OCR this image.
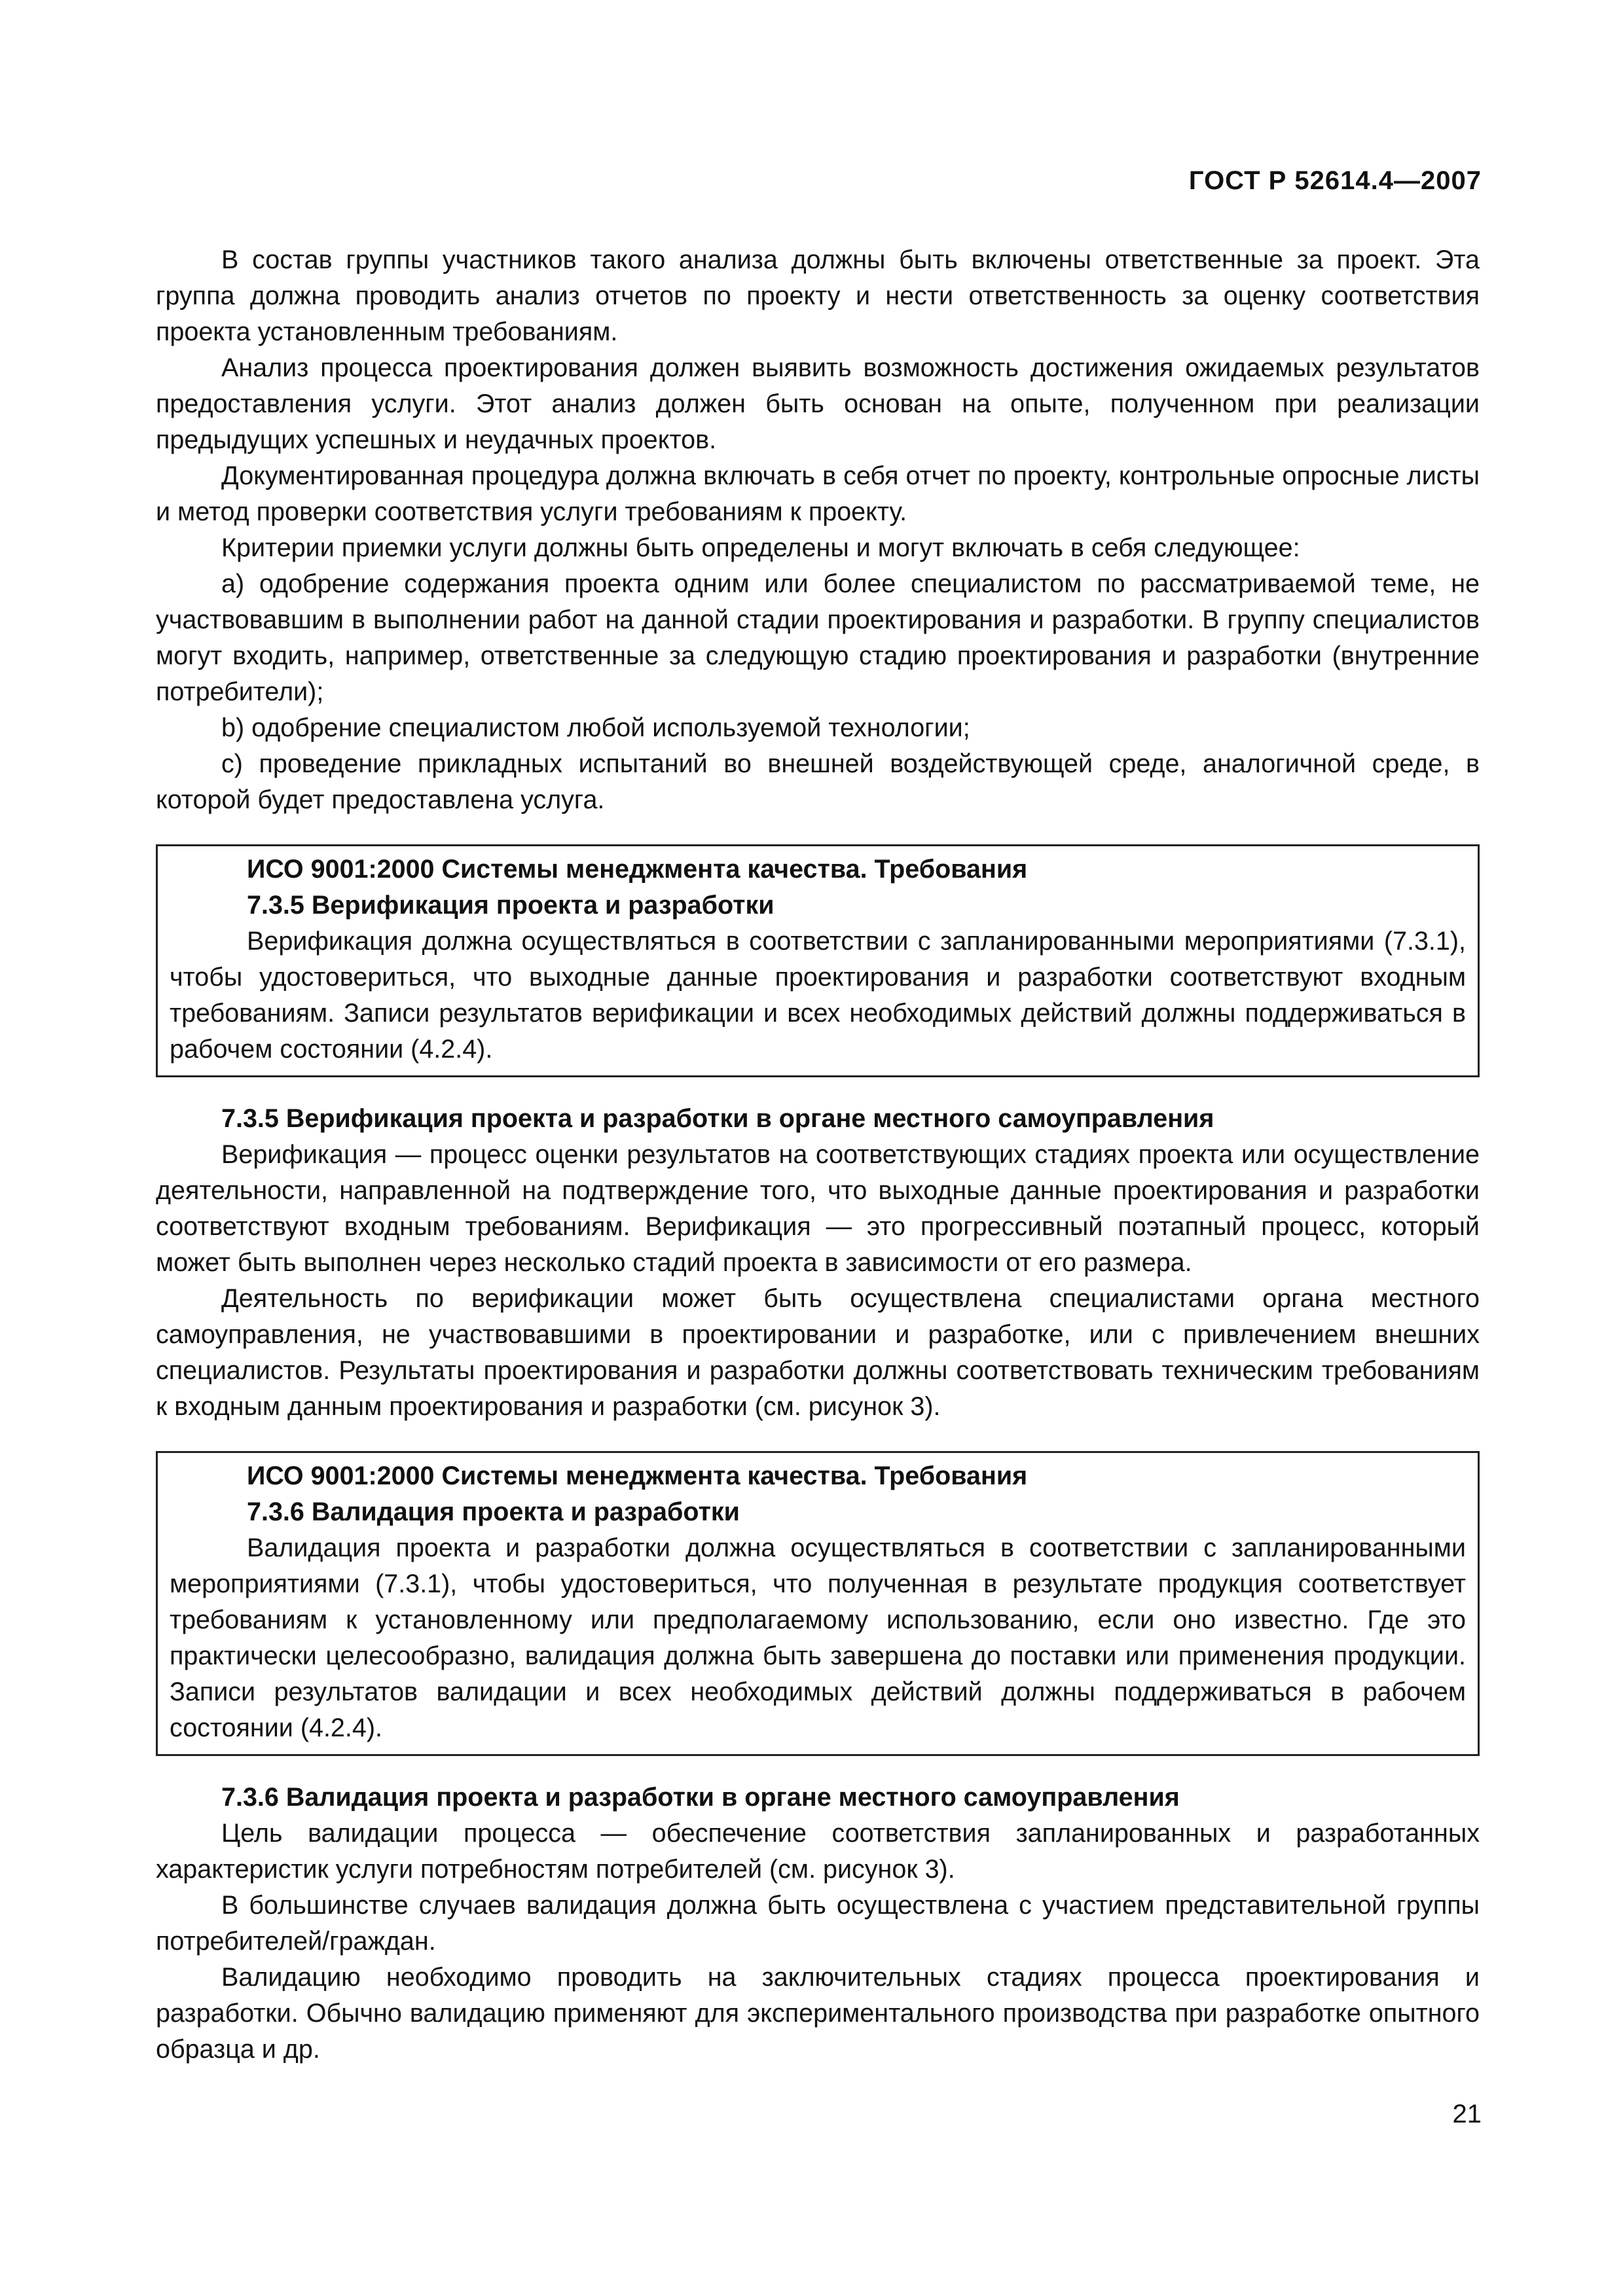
ГОСТ Р 52614.4—2007

В состав группы участников такого анализа должны быть включены ответственные за проект. Эта группа должна проводить анализ отчетов по проекту и нести ответственность за оценку соответствия проекта установленным требованиям.

Анализ процесса проектирования должен выявить возможность достижения ожидаемых результатов предоставления услуги. Этот анализ должен быть основан на опыте, полученном при реализации предыдущих успешных и неудачных проектов.

Документированная процедура должна включать в себя отчет по проекту, контрольные опросные листы и метод проверки соответствия услуги требованиям к проекту.

Критерии приемки услуги должны быть определены и могут включать в себя следующее:

a) одобрение содержания проекта одним или более специалистом по рассматриваемой теме, не участвовавшим в выполнении работ на данной стадии проектирования и разработки. В группу специалистов могут входить, например, ответственные за следующую стадию проектирования и разработки (внутренние потребители);

b) одобрение специалистом любой используемой технологии;

c) проведение прикладных испытаний во внешней воздействующей среде, аналогичной среде, в которой будет предоставлена услуга.

ИСО 9001:2000 Системы менеджмента качества. Требования

7.3.5 Верификация проекта и разработки

Верификация должна осуществляться в соответствии с запланированными мероприятиями (7.3.1), чтобы удостовериться, что выходные данные проектирования и разработки соответствуют входным требованиям. Записи результатов верификации и всех необходимых действий должны поддерживаться в рабочем состоянии (4.2.4).

7.3.5 Верификация проекта и разработки в органе местного самоуправления

Верификация — процесс оценки результатов на соответствующих стадиях проекта или осуществление деятельности, направленной на подтверждение того, что выходные данные проектирования и разработки соответствуют входным требованиям. Верификация — это прогрессивный поэтапный процесс, который может быть выполнен через несколько стадий проекта в зависимости от его размера.

Деятельность по верификации может быть осуществлена специалистами органа местного самоуправления, не участвовавшими в проектировании и разработке, или с привлечением внешних специалистов. Результаты проектирования и разработки должны соответствовать техническим требованиям к входным данным проектирования и разработки (см. рисунок 3).

ИСО 9001:2000 Системы менеджмента качества. Требования

7.3.6 Валидация проекта и разработки

Валидация проекта и разработки должна осуществляться в соответствии с запланированными мероприятиями (7.3.1), чтобы удостовериться, что полученная в результате продукция соответствует требованиям к установленному или предполагаемому использованию, если оно известно. Где это практически целесообразно, валидация должна быть завершена до поставки или применения продукции. Записи результатов валидации и всех необходимых действий должны поддерживаться в рабочем состоянии (4.2.4).

7.3.6 Валидация проекта и разработки в органе местного самоуправления

Цель валидации процесса — обеспечение соответствия запланированных и разработанных характеристик услуги потребностям потребителей (см. рисунок 3).

В большинстве случаев валидация должна быть осуществлена с участием представительной группы потребителей/граждан.

Валидацию необходимо проводить на заключительных стадиях процесса проектирования и разработки. Обычно валидацию применяют для экспериментального производства при разработке опытного образца и др.

21
